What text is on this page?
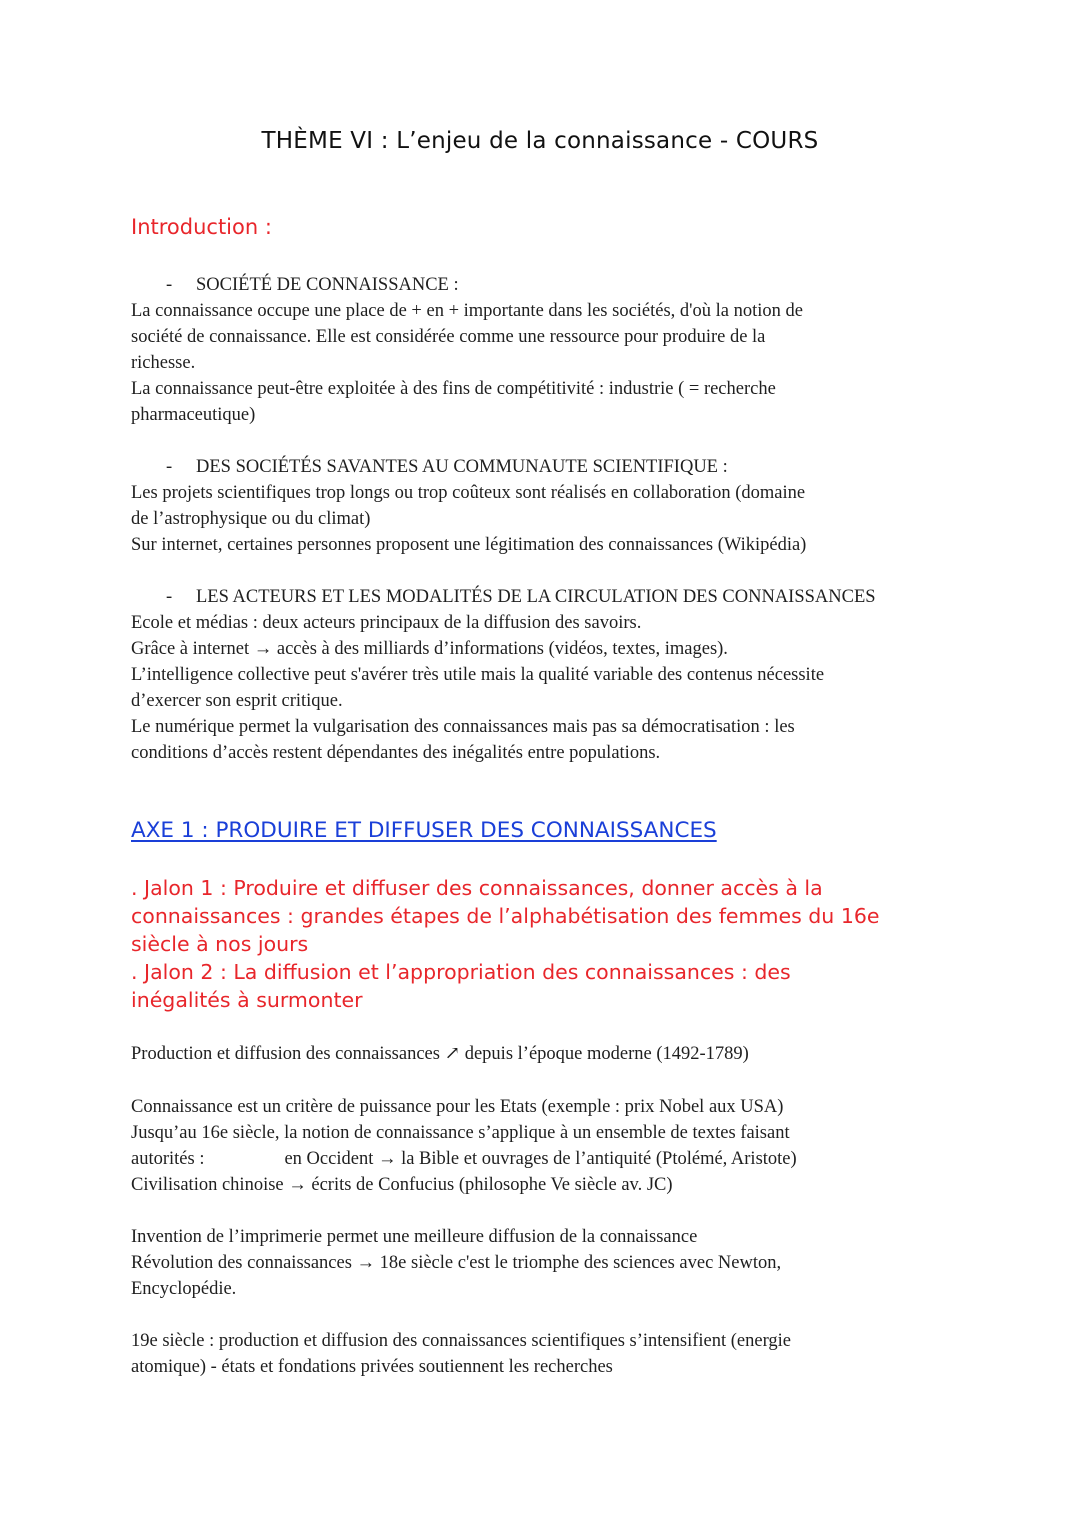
THÈME VI : L’enjeu de la connaissance - COURS
Introduction :
- SOCIÉTÉ DE CONNAISSANCE :
La connaissance occupe une place de + en + importante dans les sociétés, d'où la notion de
société de connaissance. Elle est considérée comme une ressource pour produire de la
richesse.
La connaissance peut-être exploitée à des fins de compétitivité : industrie ( = recherche
pharmaceutique)
- DES SOCIÉTÉS SAVANTES AU COMMUNAUTE SCIENTIFIQUE :
Les projets scientifiques trop longs ou trop coûteux sont réalisés en collaboration (domaine
de l’astrophysique ou du climat)
Sur internet, certaines personnes proposent une légitimation des connaissances (Wikipédia)
- LES ACTEURS ET LES MODALITÉS DE LA CIRCULATION DES CONNAISSANCES
Ecole et médias : deux acteurs principaux de la diffusion des savoirs.
Grâce à internet → accès à des milliards d’informations (vidéos, textes, images).
L’intelligence collective peut s'avérer très utile mais la qualité variable des contenus nécessite
d’exercer son esprit critique.
Le numérique permet la vulgarisation des connaissances mais pas sa démocratisation : les
conditions d’accès restent dépendantes des inégalités entre populations.
AXE 1 : PRODUIRE ET DIFFUSER DES CONNAISSANCES
. Jalon 1 : Produire et diffuser des connaissances, donner accès à la
connaissances : grandes étapes de l’alphabétisation des femmes du 16e
siècle à nos jours
. Jalon 2 : La diffusion et l’appropriation des connaissances : des
inégalités à surmonter
Production et diffusion des connaissances ↗ depuis l’époque moderne (1492-1789)
Connaissance est un critère de puissance pour les Etats (exemple : prix Nobel aux USA)
Jusqu’au 16e siècle, la notion de connaissance s’applique à un ensemble de textes faisant
autorités :	en Occident → la Bible et ouvrages de l’antiquité (Ptolémé, Aristote)
Civilisation chinoise → écrits de Confucius (philosophe Ve siècle av. JC)
Invention de l’imprimerie permet une meilleure diffusion de la connaissance
Révolution des connaissances → 18e siècle c'est le triomphe des sciences avec Newton,
Encyclopédie.
19e siècle : production et diffusion des connaissances scientifiques s’intensifient (energie
atomique) - états et fondations privées soutiennent les recherches
